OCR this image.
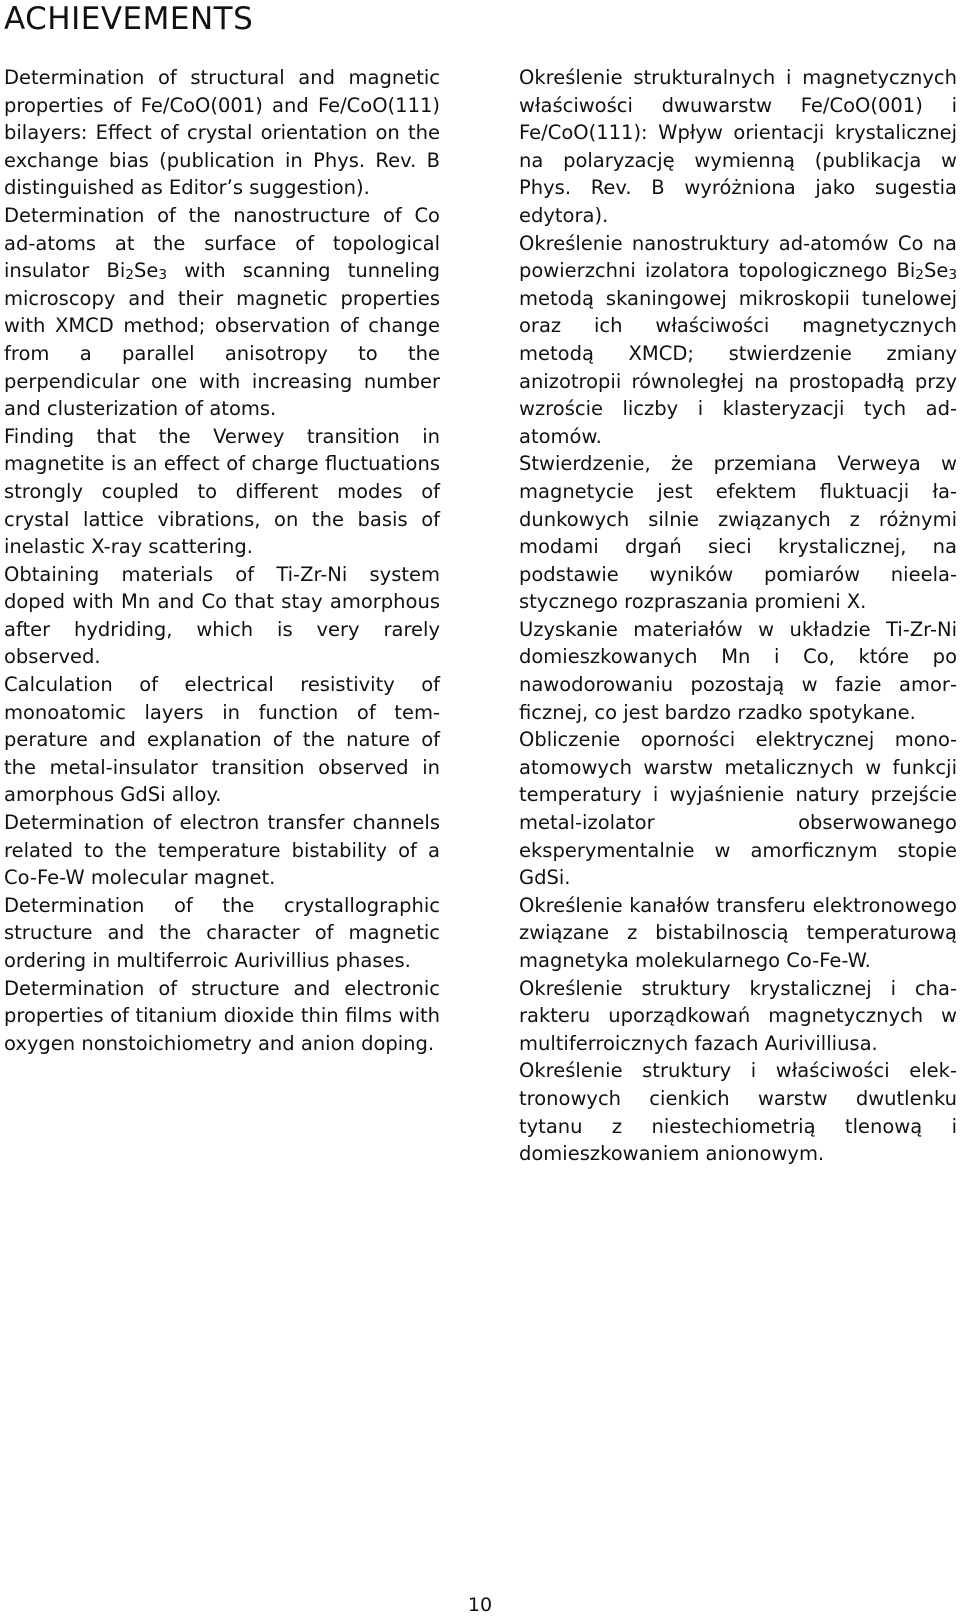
ACHIEVEMENTS

Determination of structural and magnetic properties of Fe/CoO(001) and Fe/CoO(111) bilayers: Effect of crystal orientation on the exchange bias (publication in Phys. Rev. B distinguished as Editor’s suggestion).

Determination of the nanostructure of Co ad-atoms at the surface of topological insulator $Bi_2Se_3$ with scanning tunneling microscopy and their magnetic properties with XMCD method; observation of change from a parallel anisotropy to the perpendicular one with increasing number and clusterization of atoms.

Finding that the Verwey transition in magnetite is an effect of charge fluctuations strongly coupled to different modes of crystal lattice vibrations, on the basis of inelastic X-ray scattering.

Obtaining materials of Ti-Zr-Ni system doped with Mn and Co that stay amorphous after hydriding, which is very rarely observed.

Calculation of electrical resistivity of monoatomic layers in function of temperature and explanation of the nature of the metal-insulator transition observed in amorphous GdSi alloy.

Determination of electron transfer channels related to the temperature bistability of a Co-Fe-W molecular magnet.

Determination of the crystallographic structure and the character of magnetic ordering in multiferroic Aurivillius phases.

Determination of structure and electronic properties of titanium dioxide thin films with oxygen nonstoichiometry and anion doping.

Określenie strukturalnych i magnetycznych właściwości dwuwarstw Fe/CoO(001) i Fe/CoO(111): Wpływ orientacji krystalicznej na polaryzację wymienną (publikacja w Phys. Rev. B wyróżniona jako sugestia edytora).

Określenie nanostruktury ad-atomów Co na powierzchni izolatora topologicznego $Bi_2Se_3$ metodą skaningowej mikroskopii tunelowej oraz ich właściwości magnetycznych metodą XMCD; stwierdzenie zmiany anizotropii równoległej na prostopadłą przy wzroście liczby i klasteryzacji tych ad-atomów.

Stwierdzenie, że przemiana Verweya w magnetycie jest efektem fluktuacji ładunkowych silnie związanych z różnymi modami drgań sieci krystalicznej, na podstawie wyników pomiarów nieelastycznego rozpraszania promieni X.

Uzyskanie materiałów w układzie Ti-Zr-Ni domieszkowanych Mn i Co, które po nawodorowaniu pozostają w fazie amorficznej, co jest bardzo rzadko spotykane.

Obliczenie oporności elektrycznej monoatomowych warstw metalicznych w funkcji temperatury i wyjaśnienie natury przejście metal-izolator obserwowanego eksperymentalnie w amorficznym stopie GdSi.

Określenie kanałów transferu elektronowego związane z bistabilnoscią temperaturową magnetyka molekularnego Co-Fe-W.

Określenie struktury krystalicznej i charakteru uporządkowań magnetycznych w multiferroicznych fazach Aurivilliusa.

Określenie struktury i właściwości elektronowych cienkich warstw dwutlenku tytanu z niestechiometrią tlenową i domieszkowaniem anionowym.

10
